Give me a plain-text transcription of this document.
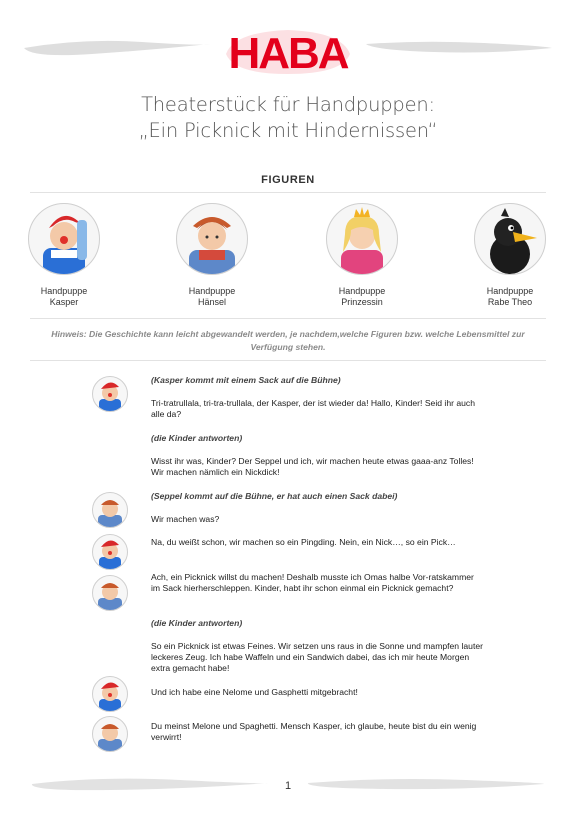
HABA
Theaterstück für Handpuppen:
„Ein Picknick mit Hindernissen“
FIGUREN
Handpuppe
Kasper
Handpuppe
Hänsel
Handpuppe
Prinzessin
Handpuppe
Rabe Theo
Hinweis: Die Geschichte kann leicht abgewandelt werden, je nachdem,welche Figuren bzw. welche Lebensmittel zur Verfügung stehen.
(Kasper kommt mit einem Sack auf die Bühne)
Tri-tratrullala, tri-tra-trullala, der Kasper, der ist wieder da! Hallo, Kinder! Seid ihr auch alle da?
(die Kinder antworten)
Wisst ihr was, Kinder? Der Seppel und ich, wir machen heute etwas gaaa-anz Tolles! Wir machen nämlich ein Nickdick!
(Seppel kommt auf die Bühne, er hat auch einen Sack dabei)
Wir machen was?
Na, du weißt schon, wir machen so ein Pingding. Nein, ein Nick…, so ein Pick…
Ach, ein Picknick willst du machen! Deshalb musste ich Omas halbe Vor-ratskammer im Sack hierherschleppen. Kinder, habt ihr schon einmal ein Picknick gemacht?
(die Kinder antworten)
So ein Picknick ist etwas Feines. Wir setzen uns raus in die Sonne und mampfen lauter leckeres Zeug. Ich habe Waffeln und ein Sandwich dabei, das ich mir heute Morgen extra gemacht habe!
Und ich habe eine Nelome und Gasphetti mitgebracht!
Du meinst Melone und Spaghetti. Mensch Kasper, ich glaube, heute bist du ein wenig verwirrt!
1
